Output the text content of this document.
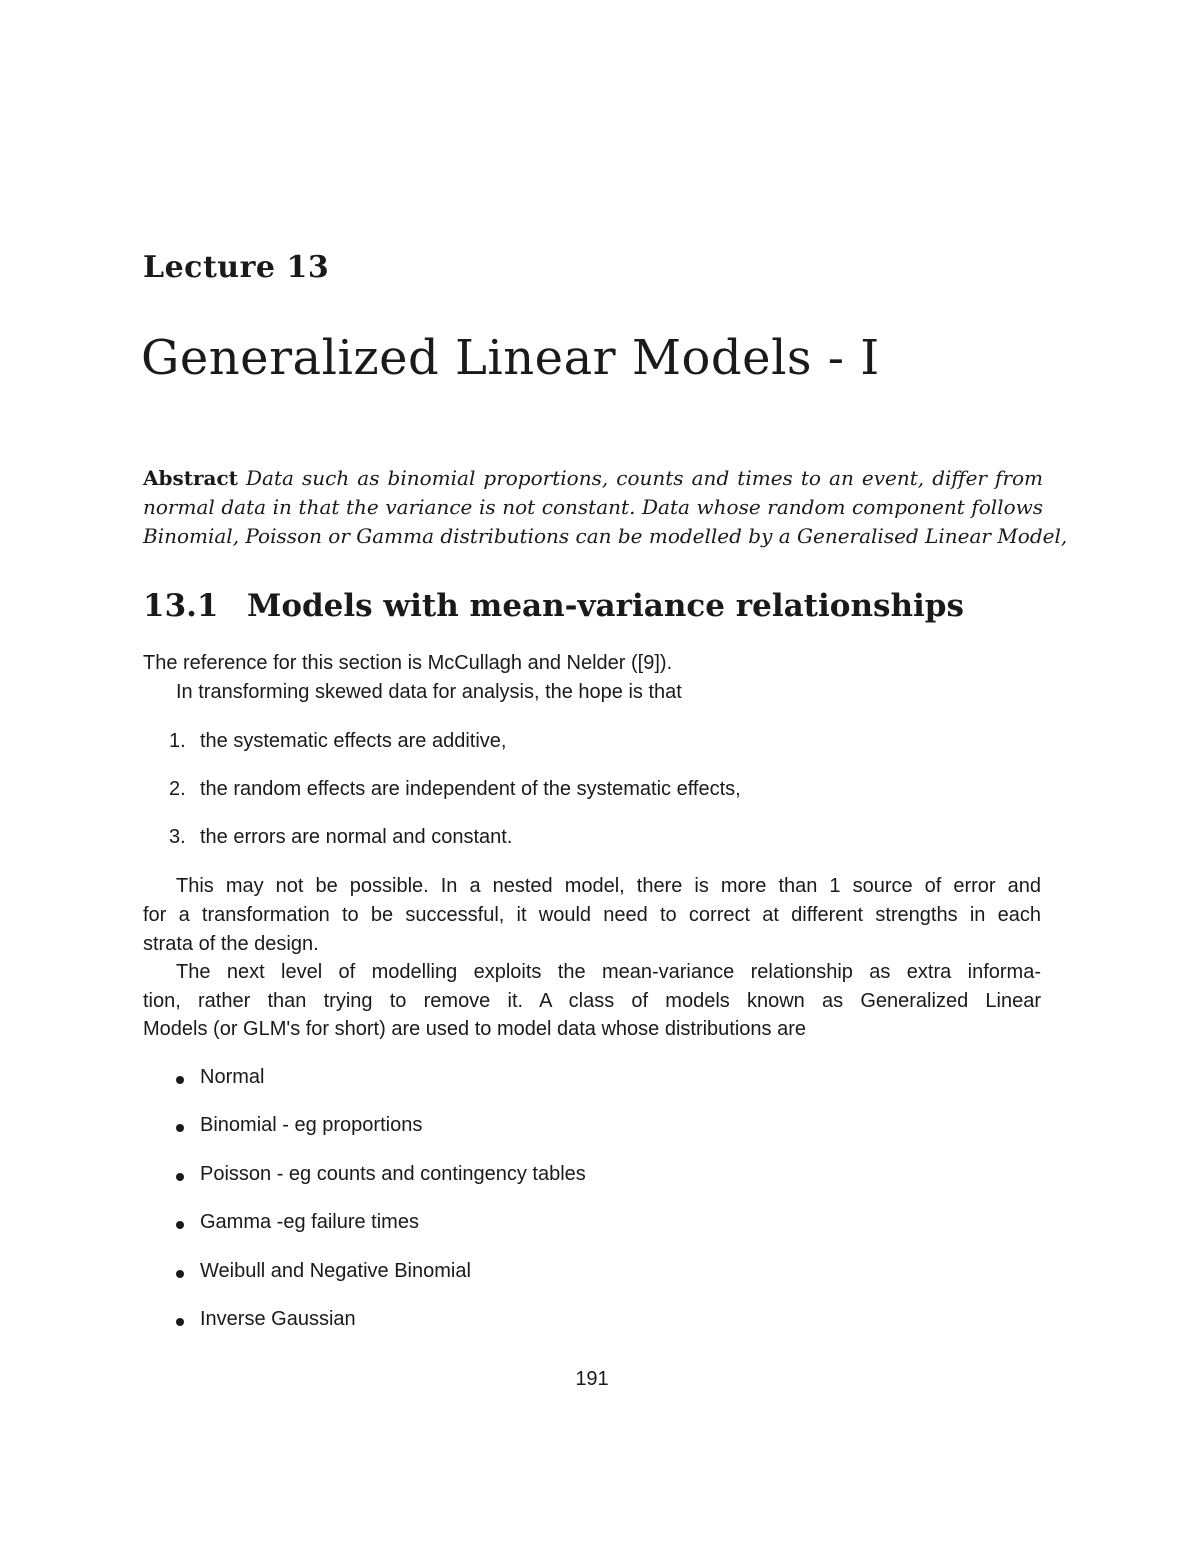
Lecture 13
Generalized Linear Models - I
Abstract Data such as binomial proportions, counts and times to an event, differ from
normal data in that the variance is not constant. Data whose random component follows
Binomial, Poisson or Gamma distributions can be modelled by a Generalised Linear Model,
13.1 Models with mean-variance relationships
The reference for this section is McCullagh and Nelder ([9]).
In transforming skewed data for analysis, the hope is that
1. the systematic effects are additive,
2. the random effects are independent of the systematic effects,
3. the errors are normal and constant.
This may not be possible. In a nested model, there is more than 1 source of error and
for a transformation to be successful, it would need to correct at different strengths in each
strata of the design.
The next level of modelling exploits the mean-variance relationship as extra informa-
tion, rather than trying to remove it. A class of models known as Generalized Linear
Models (or GLM's for short) are used to model data whose distributions are
Normal
Binomial - eg proportions
Poisson - eg counts and contingency tables
Gamma -eg failure times
Weibull and Negative Binomial
Inverse Gaussian
191
